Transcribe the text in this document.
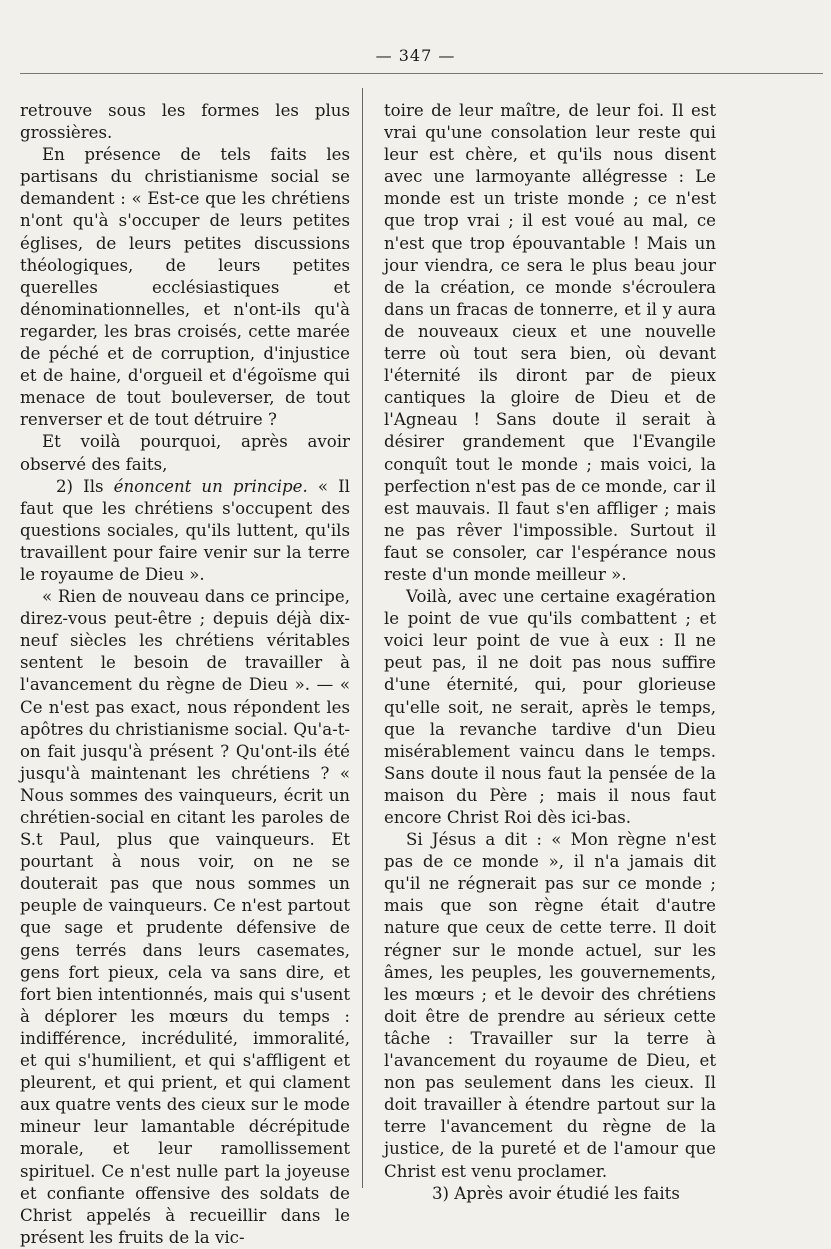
— 347 —

retrouve sous les formes les plus grossières.

En présence de tels faits les partisans du christianisme social se demandent : « Est-ce que les chrétiens n'ont qu'à s'occuper de leurs petites églises, de leurs petites discussions théologiques, de leurs petites querelles ecclésiastiques et dénominationnelles, et n'ont-ils qu'à regarder, les bras croisés, cette marée de péché et de corruption, d'injustice et de haine, d'orgueil et d'égoïsme qui menace de tout bouleverser, de tout renverser et de tout détruire ?

Et voilà pourquoi, après avoir observé des faits,

2) Ils énoncent un principe. « Il faut que les chrétiens s'occupent des questions sociales, qu'ils luttent, qu'ils travaillent pour faire venir sur la terre le royaume de Dieu ».

« Rien de nouveau dans ce principe, direz-vous peut-être ; depuis déjà dix-neuf siècles les chrétiens véritables sentent le besoin de travailler à l'avancement du règne de Dieu ». — « Ce n'est pas exact, nous répondent les apôtres du christianisme social. Qu'a-t-on fait jusqu'à présent ? Qu'ont-ils été jusqu'à maintenant les chrétiens ? « Nous sommes des vainqueurs, écrit un chrétien-social en citant les paroles de S.t Paul, plus que vainqueurs. Et pourtant à nous voir, on ne se douterait pas que nous sommes un peuple de vainqueurs. Ce n'est partout que sage et prudente défensive de gens terrés dans leurs casemates, gens fort pieux, cela va sans dire, et fort bien intentionnés, mais qui s'usent à déplorer les mœurs du temps : indifférence, incrédulité, immoralité, et qui s'humilient, et qui s'affligent et pleurent, et qui prient, et qui clament aux quatre vents des cieux sur le mode mineur leur lamantable décrépitude morale, et leur ramollissement spirituel. Ce n'est nulle part la joyeuse et confiante offensive des soldats de Christ appelés à recueillir dans le présent les fruits de la vic-

toire de leur maître, de leur foi. Il est vrai qu'une consolation leur reste qui leur est chère, et qu'ils nous disent avec une larmoyante allégresse : Le monde est un triste monde ; ce n'est que trop vrai ; il est voué au mal, ce n'est que trop épouvantable ! Mais un jour viendra, ce sera le plus beau jour de la création, ce monde s'écroulera dans un fracas de tonnerre, et il y aura de nouveaux cieux et une nouvelle terre où tout sera bien, où devant l'éternité ils diront par de pieux cantiques la gloire de Dieu et de l'Agneau ! Sans doute il serait à désirer grandement que l'Evangile conquît tout le monde ; mais voici, la perfection n'est pas de ce monde, car il est mauvais. Il faut s'en affliger ; mais ne pas rêver l'impossible. Surtout il faut se consoler, car l'espérance nous reste d'un monde meilleur ».

Voilà, avec une certaine exagération le point de vue qu'ils combattent ; et voici leur point de vue à eux : Il ne peut pas, il ne doit pas nous suffire d'une éternité, qui, pour glorieuse qu'elle soit, ne serait, après le temps, que la revanche tardive d'un Dieu misérablement vaincu dans le temps. Sans doute il nous faut la pensée de la maison du Père ; mais il nous faut encore Christ Roi dès ici-bas.

Si Jésus a dit : « Mon règne n'est pas de ce monde », il n'a jamais dit qu'il ne régnerait pas sur ce monde ; mais que son règne était d'autre nature que ceux de cette terre. Il doit régner sur le monde actuel, sur les âmes, les peuples, les gouvernements, les mœurs ; et le devoir des chrétiens doit être de prendre au sérieux cette tâche : Travailler sur la terre à l'avancement du royaume de Dieu, et non pas seulement dans les cieux. Il doit travailler à étendre partout sur la terre l'avancement du règne de la justice, de la pureté et de l'amour que Christ est venu proclamer.

3) Après avoir étudié les faits
